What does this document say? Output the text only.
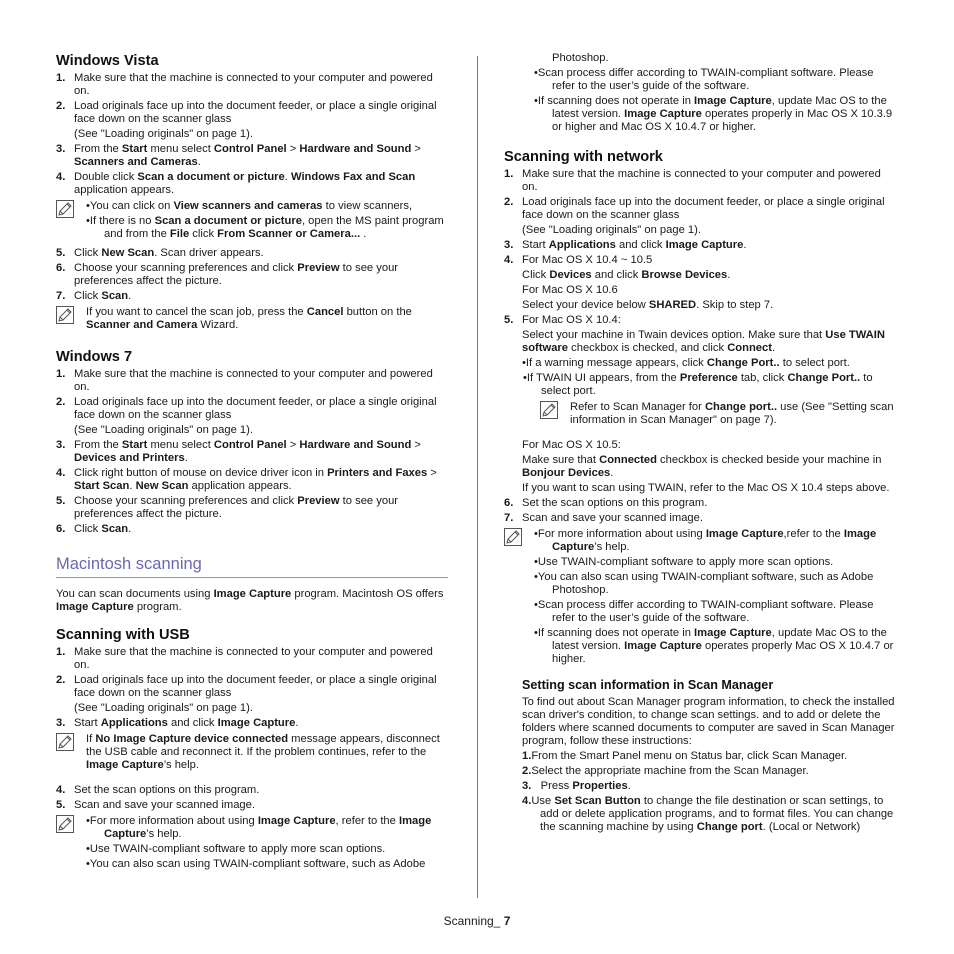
Windows Vista
1. Make sure that the machine is connected to your computer and powered on.
2. Load originals face up into the document feeder, or place a single original face down on the scanner glass
(See "Loading originals" on page 1).
3. From the Start menu select Control Panel > Hardware and Sound > Scanners and Cameras.
4. Double click Scan a document or picture. Windows Fax and Scan application appears.
•You can click on View scanners and cameras to view scanners,
•If there is no Scan a document or picture, open the MS paint program and from the File click From Scanner or Camera... .
5. Click New Scan. Scan driver appears.
6. Choose your scanning preferences and click Preview to see your preferences affect the picture.
7. Click Scan.
If you want to cancel the scan job, press the Cancel button on the Scanner and Camera Wizard.
Windows 7
1. Make sure that the machine is connected to your computer and powered on.
2. Load originals face up into the document feeder, or place a single original face down on the scanner glass
(See "Loading originals" on page 1).
3. From the Start menu select Control Panel > Hardware and Sound > Devices and Printers.
4. Click right button of mouse on device driver icon in Printers and Faxes > Start Scan. New Scan application appears.
5. Choose your scanning preferences and click Preview to see your preferences affect the picture.
6. Click Scan.
Macintosh scanning
You can scan documents using Image Capture program. Macintosh OS offers Image Capture program.
Scanning with USB
1. Make sure that the machine is connected to your computer and powered on.
2. Load originals face up into the document feeder, or place a single original face down on the scanner glass
(See "Loading originals" on page 1).
3. Start Applications and click Image Capture.
If No Image Capture device connected message appears, disconnect the USB cable and reconnect it. If the problem continues, refer to the Image Capture’s help.
4. Set the scan options on this program.
5. Scan and save your scanned image.
•For more information about using Image Capture, refer to the Image Capture’s help.
•Use TWAIN-compliant software to apply more scan options.
•You can also scan using TWAIN-compliant software, such as Adobe
Photoshop.
•Scan process differ according to TWAIN-compliant software. Please refer to the user’s guide of the software.
•If scanning does not operate in Image Capture, update Mac OS to the latest version. Image Capture operates properly in Mac OS X 10.3.9 or higher and Mac OS X 10.4.7 or higher.
Scanning with network
1. Make sure that the machine is connected to your computer and powered on.
2. Load originals face up into the document feeder, or place a single original face down on the scanner glass
(See "Loading originals" on page 1).
3. Start Applications and click Image Capture.
4. For Mac OS X 10.4 ~ 10.5
Click Devices and click Browse Devices.
For Mac OS X 10.6
Select your device below SHARED. Skip to step 7.
5. For Mac OS X 10.4:
Select your machine in Twain devices option. Make sure that Use TWAIN software checkbox is checked, and click Connect.
•If a warning message appears, click Change Port.. to select port.
•If TWAIN UI appears, from the Preference tab, click Change Port.. to select port.
Refer to Scan Manager for Change port.. use (See "Setting scan information in Scan Manager" on page 7).
For Mac OS X 10.5:
Make sure that Connected checkbox is checked beside your machine in Bonjour Devices.
If you want to scan using TWAIN, refer to the Mac OS X 10.4 steps above.
6. Set the scan options on this program.
7. Scan and save your scanned image.
•For more information about using Image Capture,refer to the Image Capture’s help.
•Use TWAIN-compliant software to apply more scan options.
•You can also scan using TWAIN-compliant software, such as Adobe Photoshop.
•Scan process differ according to TWAIN-compliant software. Please refer to the user’s guide of the software.
•If scanning does not operate in Image Capture, update Mac OS to the latest version. Image Capture operates properly Mac OS X 10.4.7 or higher.
Setting scan information in Scan Manager
To find out about Scan Manager program information, to check the installed scan driver's condition, to change scan settings. and to add or delete the folders where scanned documents to computer are saved in Scan Manager program, follow these instructions:
1.From the Smart Panel menu on Status bar, click Scan Manager.
2.Select the appropriate machine from the Scan Manager.
3. Press Properties.
4.Use Set Scan Button to change the file destination or scan settings, to add or delete application programs, and to format files. You can change the scanning machine by using Change port. (Local or Network)
Scanning_ 7
